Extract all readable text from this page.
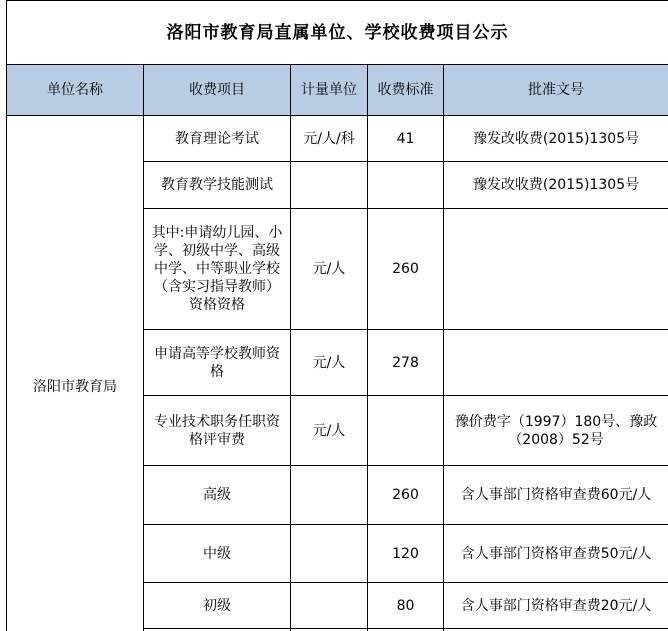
洛阳市教育局直属单位、学校收费项目公示				
单位名称	收费项目	计量单位	收费标准	批准文号
洛阳市教育局	教育理论考试	元/人/科	41	豫发改收费(2015)1305号
	教育教学技能测试			豫发改收费(2015)1305号
	其中:申请幼儿园、小学、初级中学、高级中学、中等职业学校（含实习指导教师）资格资格	元/人	260	
	申请高等学校教师资格	元/人	278	
	专业技术职务任职资格评审费	元/人		豫价费字（1997）180号、豫政（2008）52号
	高级		260	含人事部门资格审查费60元/人
	中级		120	含人事部门资格审查费50元/人
	初级		80	含人事部门资格审查费20元/人
